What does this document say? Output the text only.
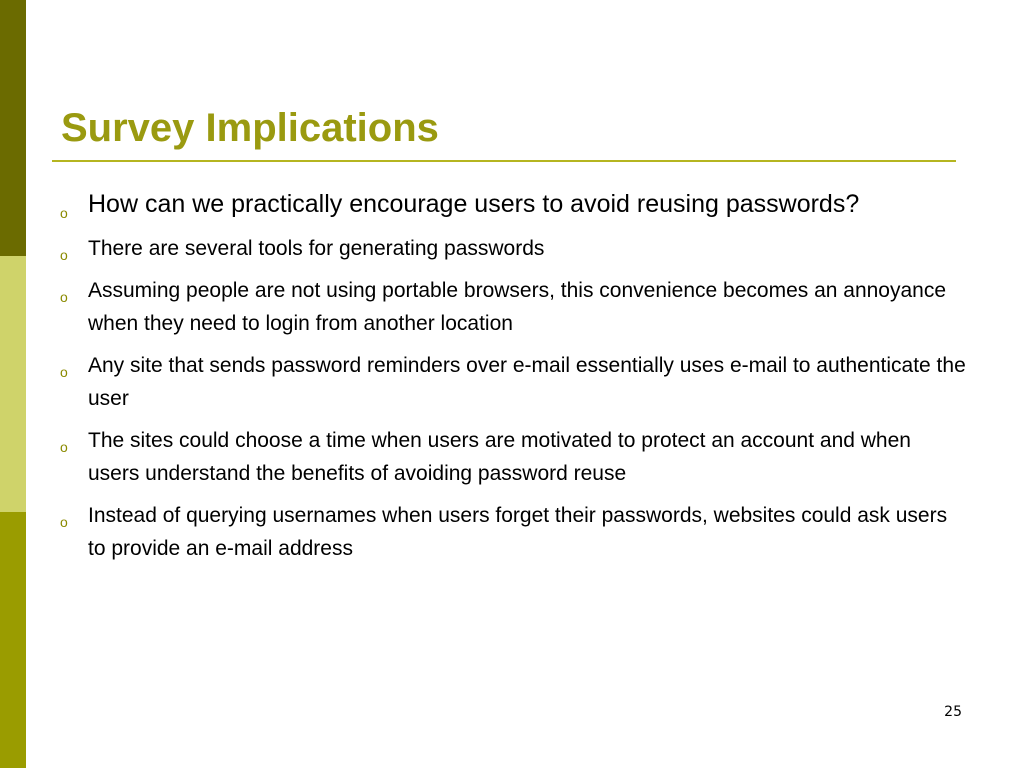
Survey Implications
o How can we practically encourage users to avoid reusing passwords?
o There are several tools for generating passwords
o Assuming people are not using portable browsers, this convenience becomes an annoyance when they need to login from another location
o Any site that sends password reminders over e-mail essentially uses e-mail to authenticate the user
o The sites could choose a time when users are motivated to protect an account and when users understand the benefits of avoiding password reuse
o Instead of querying usernames when users forget their passwords, websites could ask users to provide an e-mail address
25
